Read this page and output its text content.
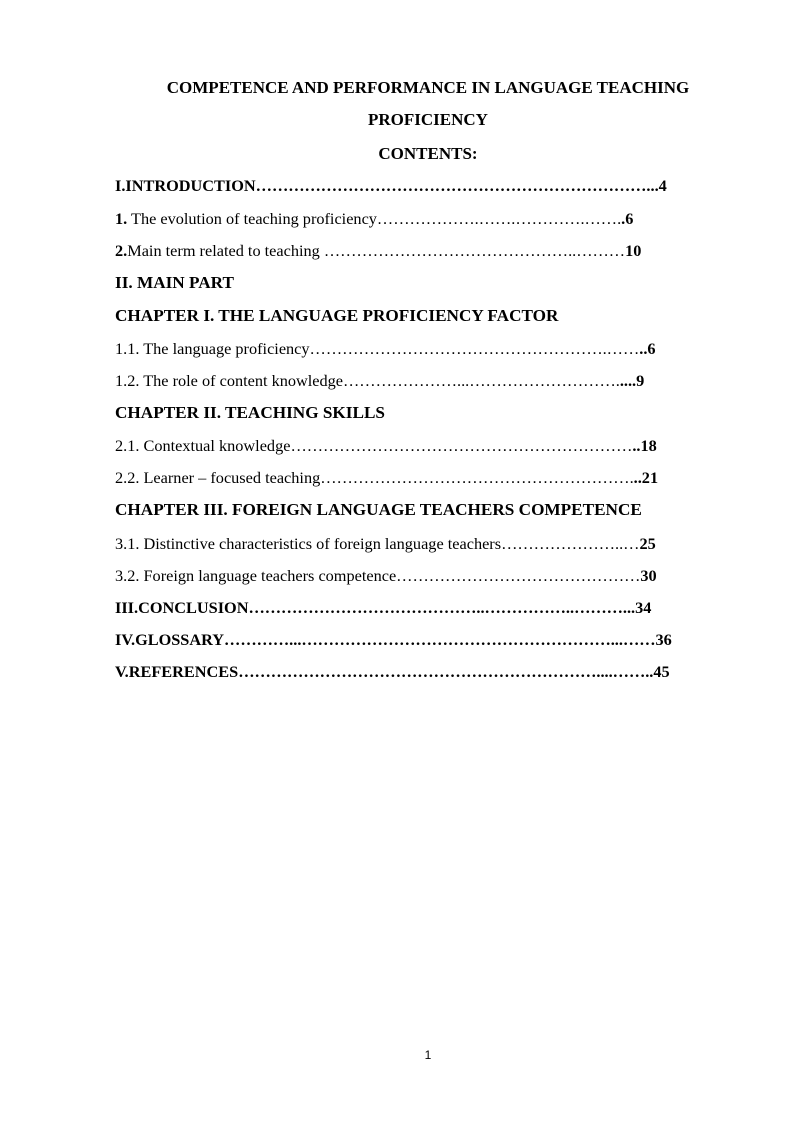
COMPETENCE AND PERFORMANCE IN LANGUAGE TEACHING
PROFICIENCY
CONTENTS:
I.INTRODUCTION………………………………………………………………...4
1. The evolution of teaching proficiency……………….…….………….……..6
2.Main term related to teaching ………………………………………..………10
II. MAIN PART
CHAPTER I. THE LANGUAGE PROFICIENCY FACTOR
1.1. The language proficiency……………………………………………….……..6
1.2. The role of content knowledge…………………...……………………….....9
CHAPTER II. TEACHING SKILLS
2.1. Contextual knowledge………………………………………………………..18
2.2. Learner – focused teaching…………………………………………………...21
CHAPTER III. FOREIGN LANGUAGE TEACHERS COMPETENCE
3.1. Distinctive characteristics of foreign language teachers…………………..…25
3.2. Foreign language teachers competence………………………………………30
III.CONCLUSION……………………………………..……………..………...34
IV.GLOSSARY…………...…………………………………………………...……36
V.REFERENCES…………………………………………………………....……..45
1
